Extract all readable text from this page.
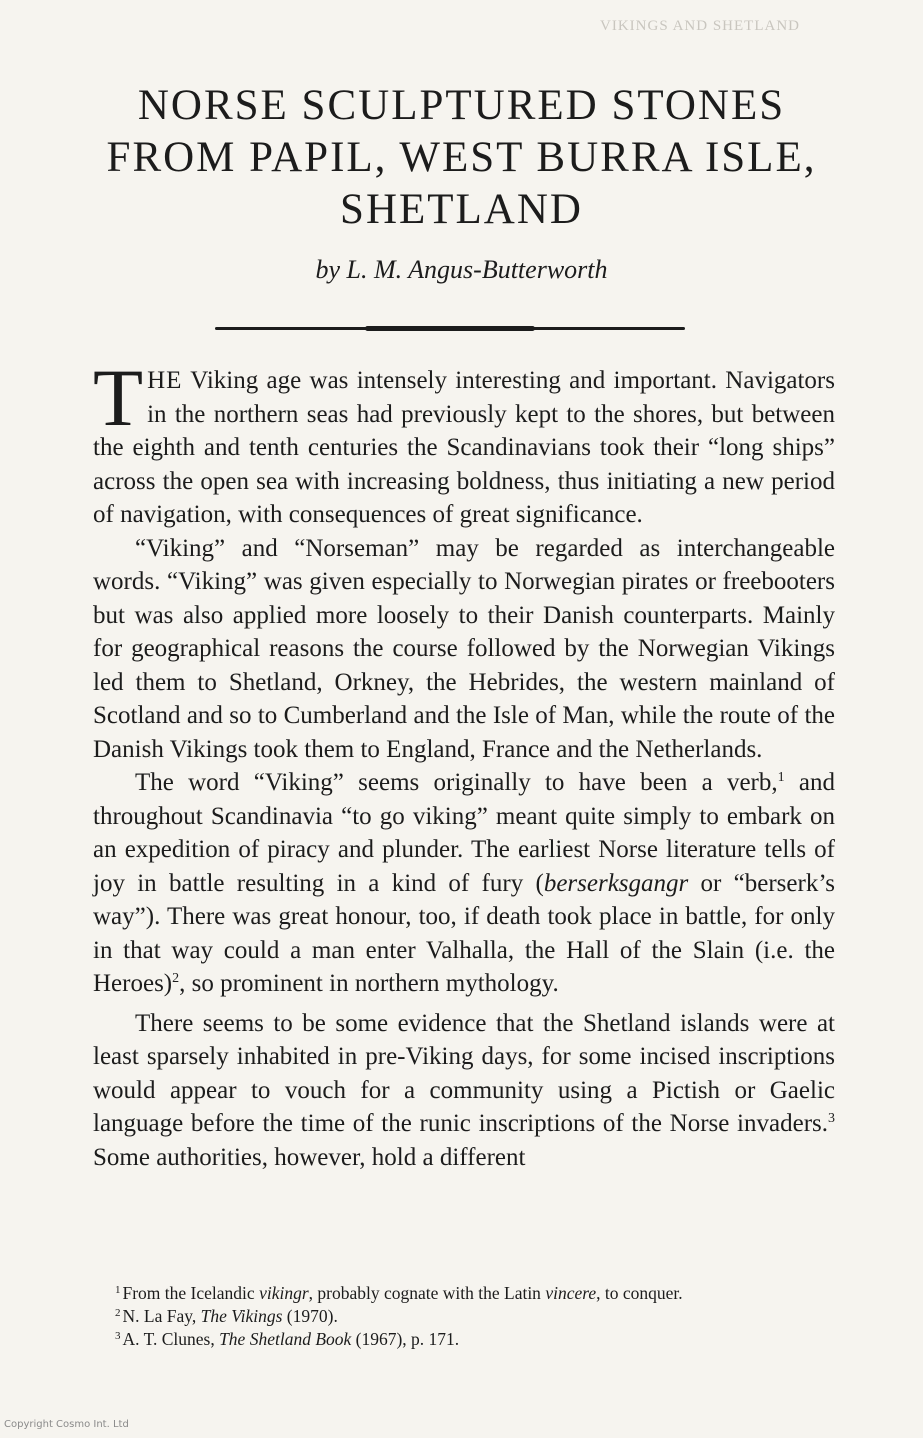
VIKINGS AND SHETLAND
NORSE SCULPTURED STONES
FROM PAPIL, WEST BURRA ISLE,
SHETLAND
by L. M. Angus-Butterworth

THE Viking age was intensely interesting and important. Navigators in the northern seas had previously kept to the shores, but between the eighth and tenth centuries the Scandinavians took their “long ships” across the open sea with increasing boldness, thus initiating a new period of navigation, with consequences of great significance.

“Viking” and “Norseman” may be regarded as interchangeable words. “Viking” was given especially to Norwegian pirates or freebooters but was also applied more loosely to their Danish counterparts. Mainly for geographical reasons the course followed by the Norwegian Vikings led them to Shetland, Orkney, the Hebrides, the western mainland of Scotland and so to Cumberland and the Isle of Man, while the route of the Danish Vikings took them to England, France and the Netherlands.

The word “Viking” seems originally to have been a verb,$^1$ and throughout Scandinavia “to go viking” meant quite simply to embark on an expedition of piracy and plunder. The earliest Norse literature tells of joy in battle resulting in a kind of fury (berserksgangr or “berserk’s way”). There was great honour, too, if death took place in battle, for only in that way could a man enter Valhalla, the Hall of the Slain (i.e. the Heroes)$^2$, so prominent in northern mythology.

There seems to be some evidence that the Shetland islands were at least sparsely inhabited in pre-Viking days, for some incised inscriptions would appear to vouch for a community using a Pictish or Gaelic language before the time of the runic inscriptions of the Norse invaders.$^3$ Some authorities, however, hold a different

$^1$ From the Icelandic vikingr, probably cognate with the Latin vincere, to conquer.
$^2$ N. La Fay, The Vikings (1970).
$^3$ A. T. Clunes, The Shetland Book (1967), p. 171.
Copyright Cosmo Int. Ltd
